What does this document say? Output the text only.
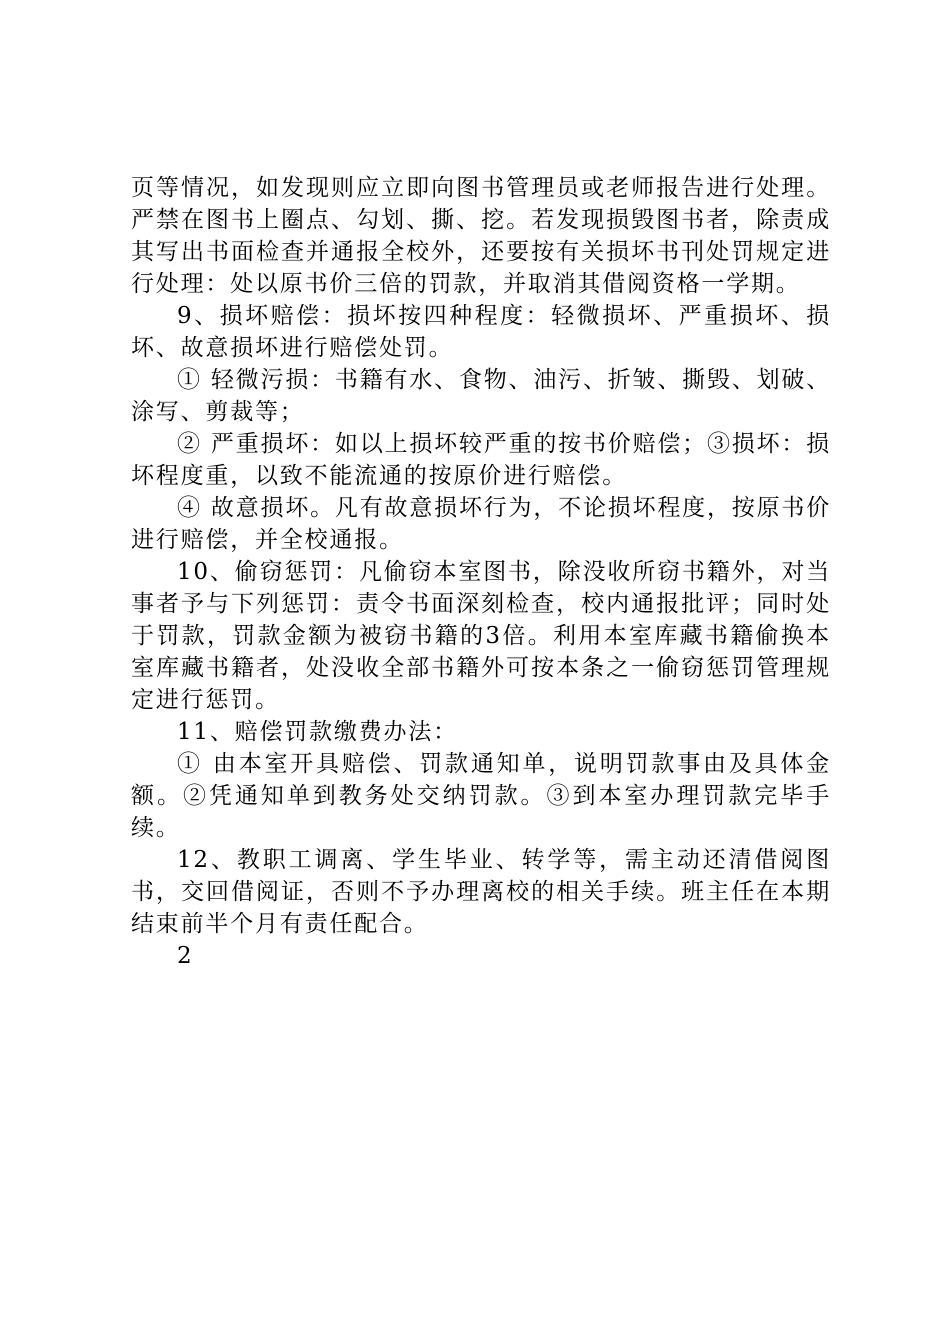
页等情况，如发现则应立即向图书管理员或老师报告进行处理。严禁在图书上圈点、勾划、撕、挖。若发现损毁图书者，除责成其写出书面检查并通报全校外，还要按有关损坏书刊处罚规定进行处理：处以原书价三倍的罚款，并取消其借阅资格一学期。

9、损坏赔偿：损坏按四种程度：轻微损坏、严重损坏、损坏、故意损坏进行赔偿处罚。

① 轻微污损：书籍有水、食物、油污、折皱、撕毁、划破、涂写、剪裁等；

② 严重损坏：如以上损坏较严重的按书价赔偿；③损坏：损坏程度重，以致不能流通的按原价进行赔偿。

④ 故意损坏。凡有故意损坏行为，不论损坏程度，按原书价进行赔偿，并全校通报。

10、偷窃惩罚：凡偷窃本室图书，除没收所窃书籍外，对当事者予与下列惩罚：责令书面深刻检查，校内通报批评；同时处于罚款，罚款金额为被窃书籍的3倍。利用本室库藏书籍偷换本室库藏书籍者，处没收全部书籍外可按本条之一偷窃惩罚管理规定进行惩罚。

11、赔偿罚款缴费办法：

① 由本室开具赔偿、罚款通知单，说明罚款事由及具体金额。②凭通知单到教务处交纳罚款。③到本室办理罚款完毕手续。

12、教职工调离、学生毕业、转学等，需主动还清借阅图书，交回借阅证，否则不予办理离校的相关手续。班主任在本期结束前半个月有责任配合。

2
